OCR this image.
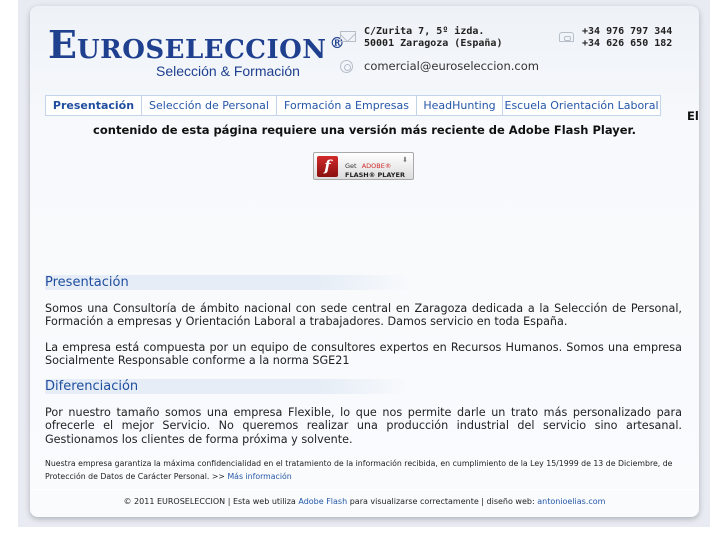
EUROSELECCION ®
Selección & Formación
C/Zurita 7, 5º izda.
50001 Zaragoza (España)
+34 976 797 344
+34 626 650 182
comercial@euroseleccion.com
Presentación	Selección de Personal	Formación a Empresas	HeadHunting Escuela Orientación Laboral
El
contenido de esta página requiere una versión más reciente de Adobe Flash Player.
f	Get ADOBE®
FLASH® PLAYER
⬇
Presentación
Somos una Consultoría de ámbito nacional con sede central en Zaragoza dedicada a la Selección de Personal, Formación a empresas y Orientación Laboral a trabajadores. Damos servicio en toda España.
La empresa está compuesta por un equipo de consultores expertos en Recursos Humanos. Somos una empresa Socialmente Responsable conforme a la norma SGE21
Diferenciación
Por nuestro tamaño somos una empresa Flexible, lo que nos permite darle un trato más personalizado para ofrecerle el mejor Servicio. No queremos realizar una producción industrial del servicio sino artesanal. Gestionamos los clientes de forma próxima y solvente.
Nuestra empresa garantiza la máxima confidencialidad en el tratamiento de la información recibida, en cumplimiento de la Ley 15/1999 de 13 de Diciembre, de Protección de Datos de Carácter Personal. >> Más información
© 2011 EUROSELECCION | Esta web utiliza Adobe Flash para visualizarse correctamente | diseño web: antonioelias.com
